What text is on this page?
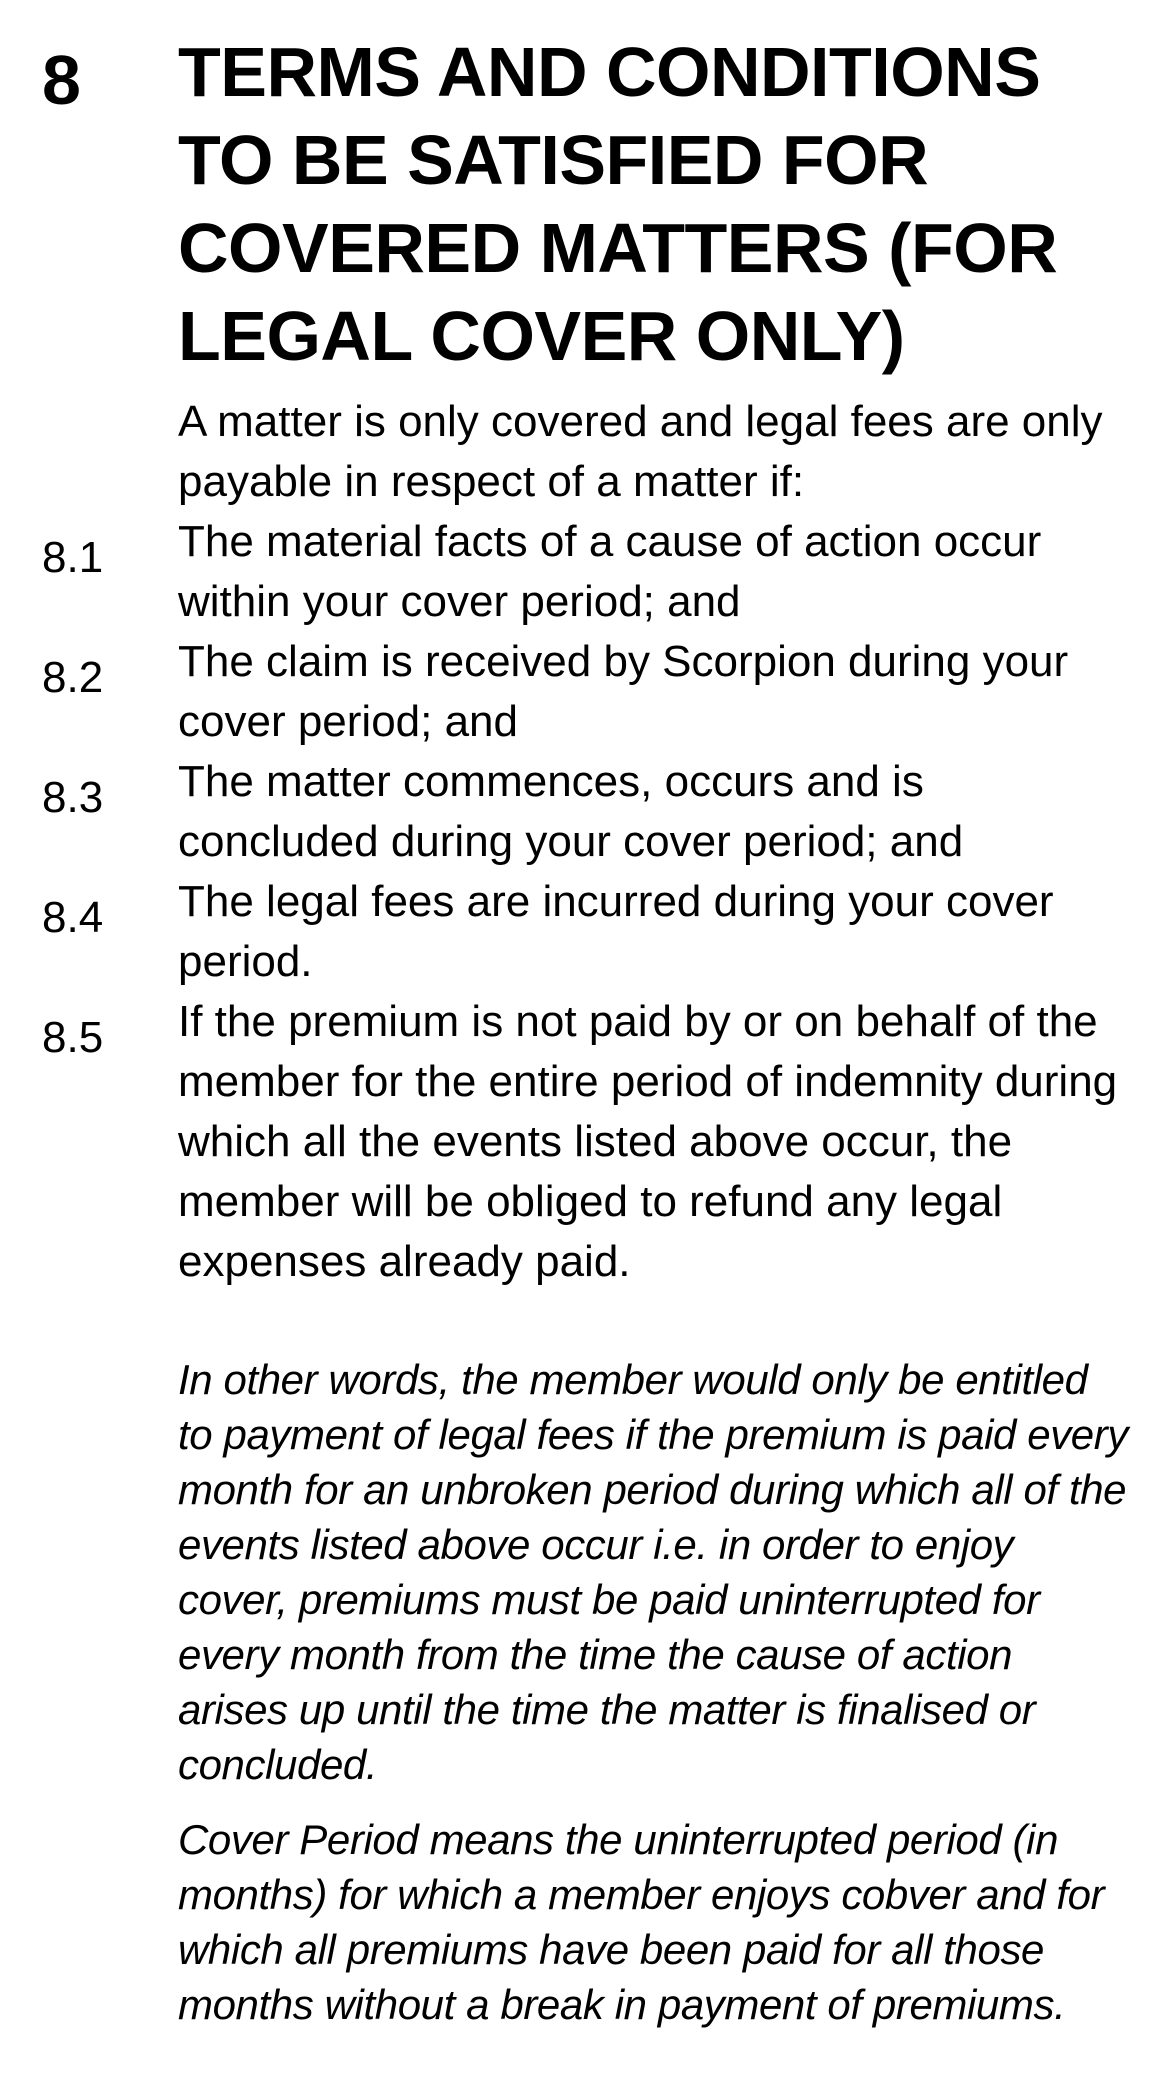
8 TERMS AND CONDITIONS TO BE SATISFIED FOR COVERED MATTERS (FOR LEGAL COVER ONLY)

A matter is only covered and legal fees are only payable in respect of a matter if:

8.1 The material facts of a cause of action occur within your cover period; and

8.2 The claim is received by Scorpion during your cover period; and

8.3 The matter commences, occurs and is concluded during your cover period; and

8.4 The legal fees are incurred during your cover period.

8.5 If the premium is not paid by or on behalf of the member for the entire period of indemnity during which all the events listed above occur, the member will be obliged to refund any legal expenses already paid.

In other words, the member would only be entitled to payment of legal fees if the premium is paid every month for an unbroken period during which all of the events listed above occur i.e. in order to enjoy cover, premiums must be paid uninterrupted for every month from the time the cause of action arises up until the time the matter is finalised or concluded.

Cover Period means the uninterrupted period (in months) for which a member enjoys cobver and for which all premiums have been paid for all those months without a break in payment of premiums.
